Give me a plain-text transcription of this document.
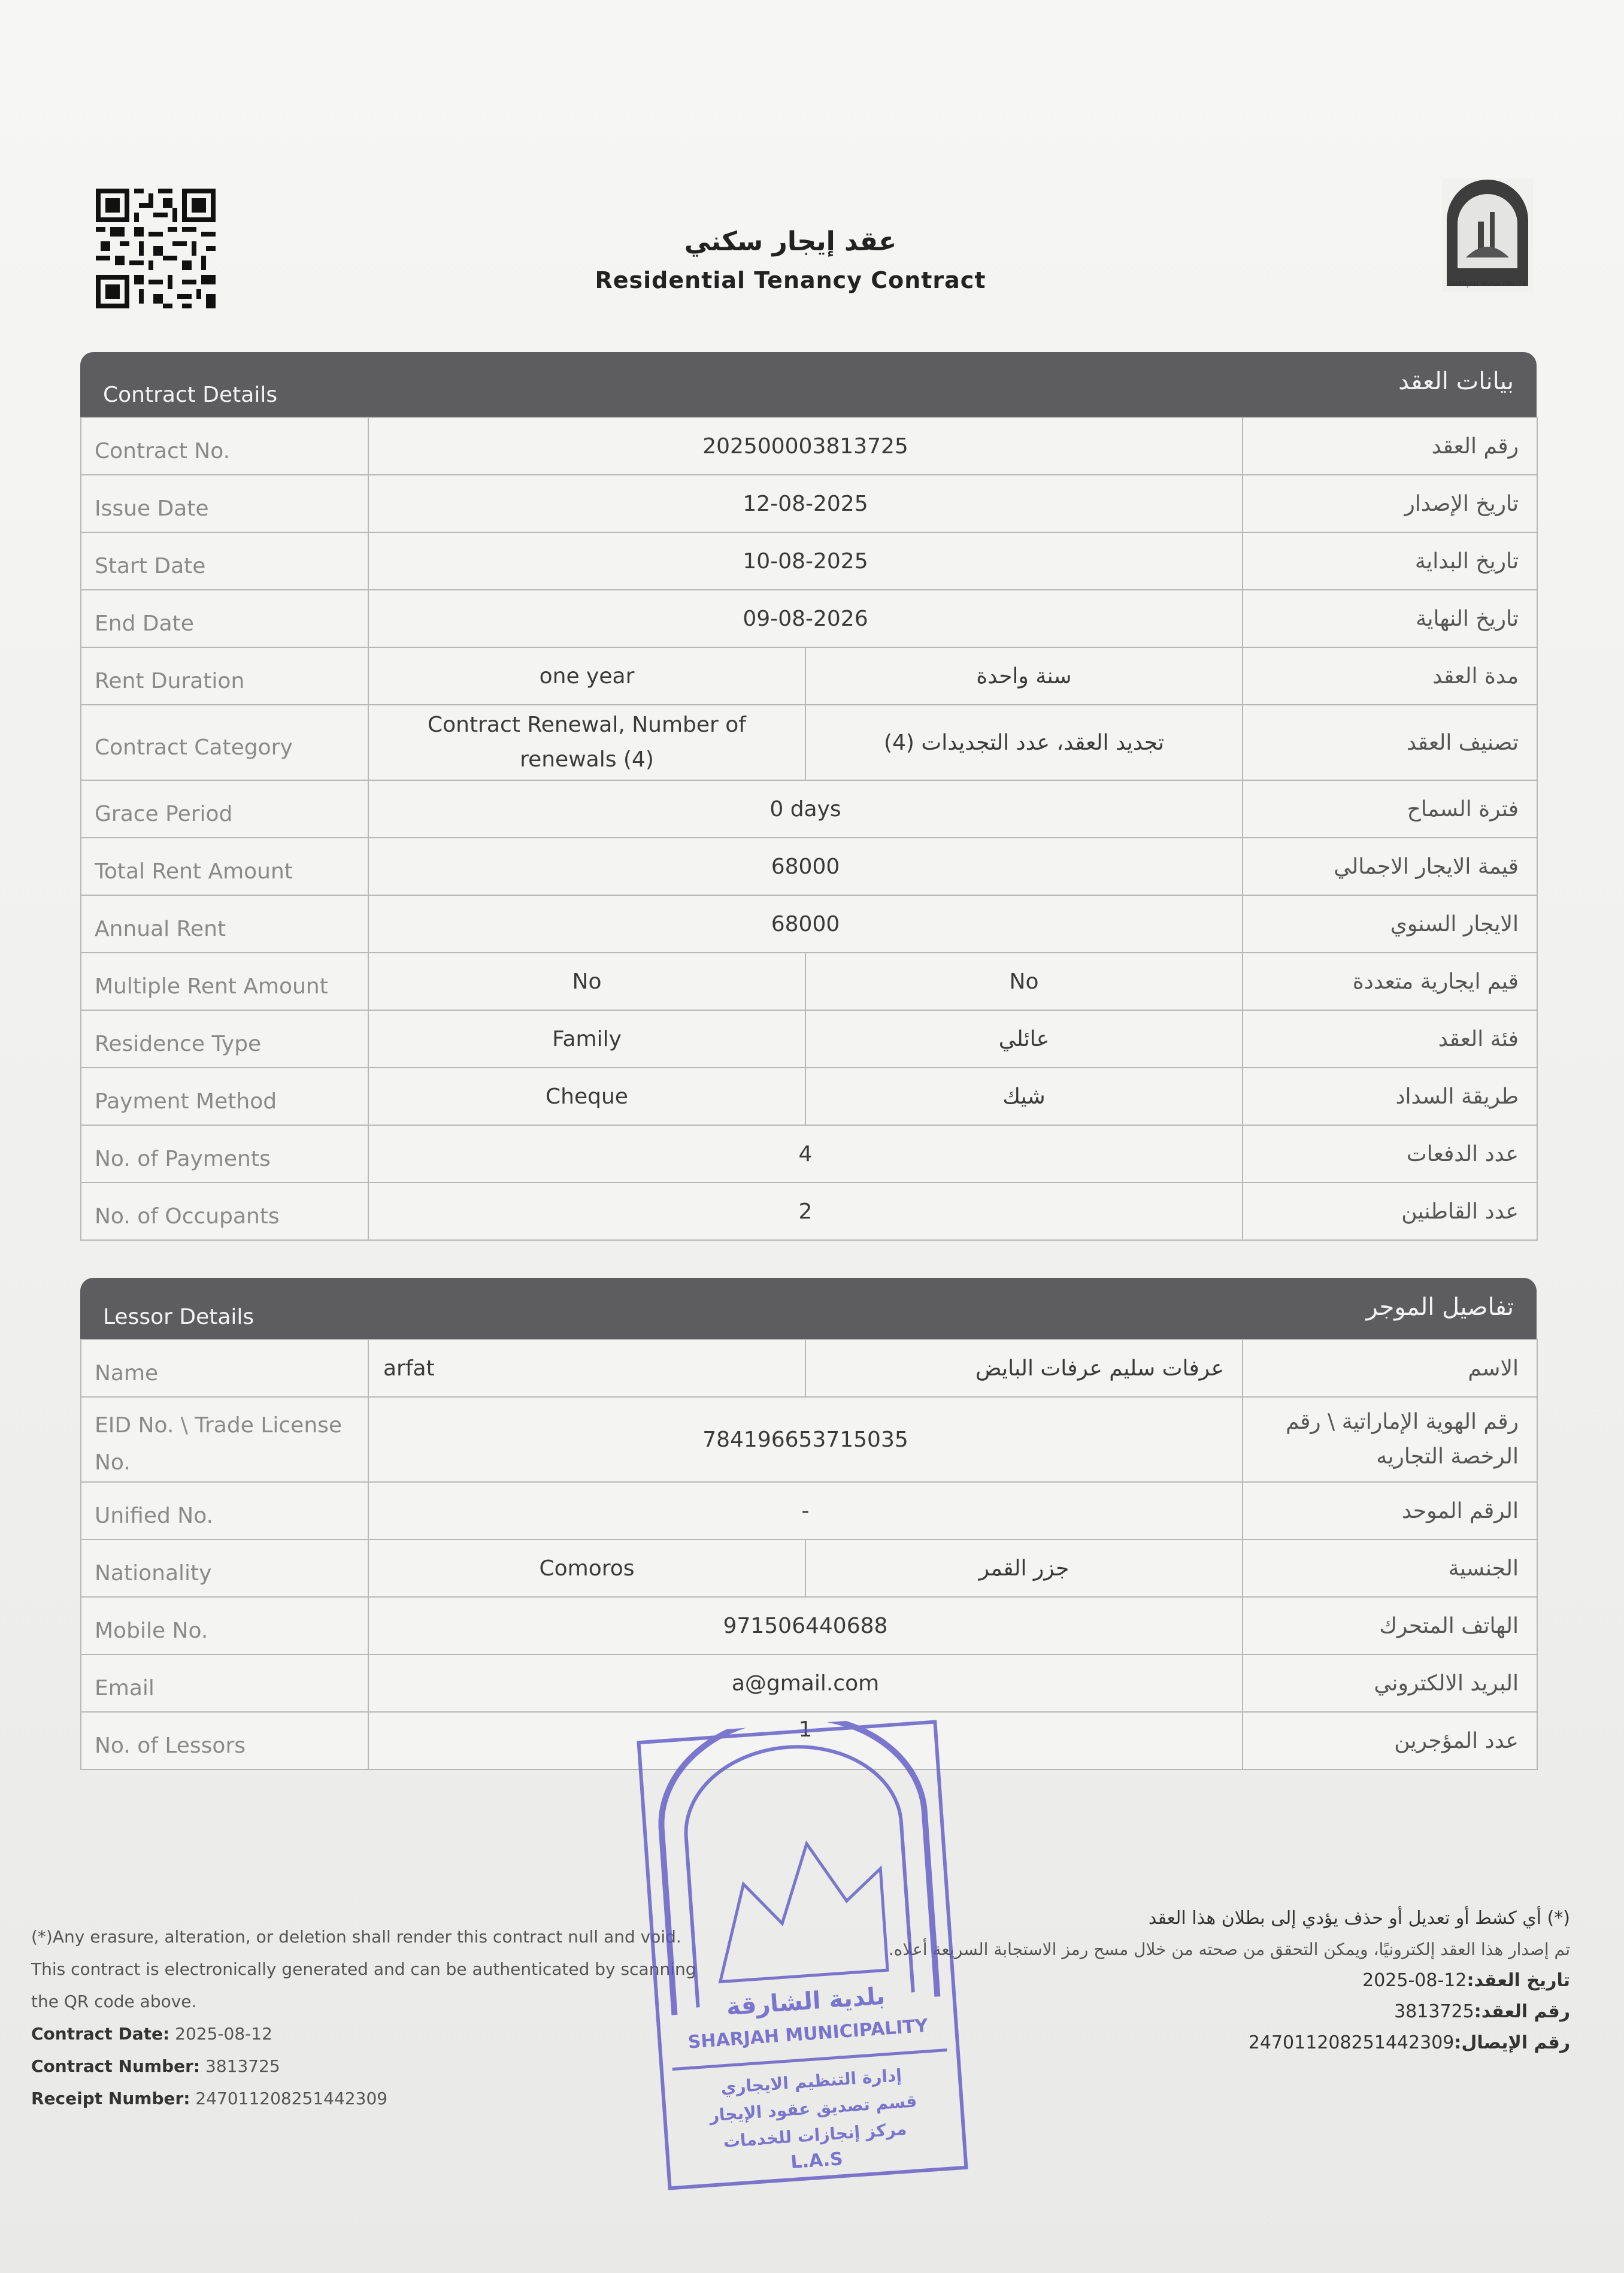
SHARJAH MUNICIPALITY
عقد إيجار سكني
Residential Tenancy Contract
Contract Details	بيانات العقد
Contract No.	202500003813725		رقم العقد
Issue Date	12-08-2025		تاريخ الإصدار
Start Date	10-08-2025		تاريخ البداية
End Date	09-08-2026		تاريخ النهاية
Rent Duration	one year	سنة واحدة	مدة العقد
Contract Category	Contract Renewal, Number of renewals (4)	تجديد العقد، عدد التجديدات (4)	تصنيف العقد
Grace Period	0 days		فترة السماح
Total Rent Amount	68000		قيمة الايجار الاجمالي
Annual Rent	68000		الايجار السنوي
Multiple Rent Amount	No	No	قيم ايجارية متعددة
Residence Type	Family	عائلي	فئة العقد
Payment Method	Cheque	شيك	طريقة السداد
No. of Payments	4		عدد الدفعات
No. of Occupants	2		عدد القاطنين
Lessor Details	تفاصيل الموجر
Name	arfat	عرفات سليم عرفات البايض	الاسم
EID No. \ Trade License No.	784196653715035		رقم الهوية الإماراتية \ رقم الرخصة التجاريه
Unified No.	-		الرقم الموحد
Nationality	Comoros	جزر القمر	الجنسية
Mobile No.	971506440688		الهاتف المتحرك
Email	a@gmail.com		البريد الالكتروني
No. of Lessors	1		عدد المؤجرين
(*)Any erasure, alteration, or deletion shall render this contract null and void.
This contract is electronically generated and can be authenticated by scanning the QR code above.
Contract Date: 2025-08-12
Contract Number: 3813725
Receipt Number: 247011208251442309
(*) أي كشط أو تعديل أو حذف يؤدي إلى بطلان هذا العقد
تم إصدار هذا العقد إلكترونيًا، ويمكن التحقق من صحته من خلال مسح رمز الاستجابة السريعة أعلاه.
تاريخ العقد:2025-08-12
رقم العقد:3813725
رقم الإيصال:247011208251442309
بلدية الشارقة
SHARJAH MUNICIPALITY
إدارة التنظيم الايجاري
قسم تصديق عقود الإيجار
مركز إنجازات للخدمات
L.A.S
